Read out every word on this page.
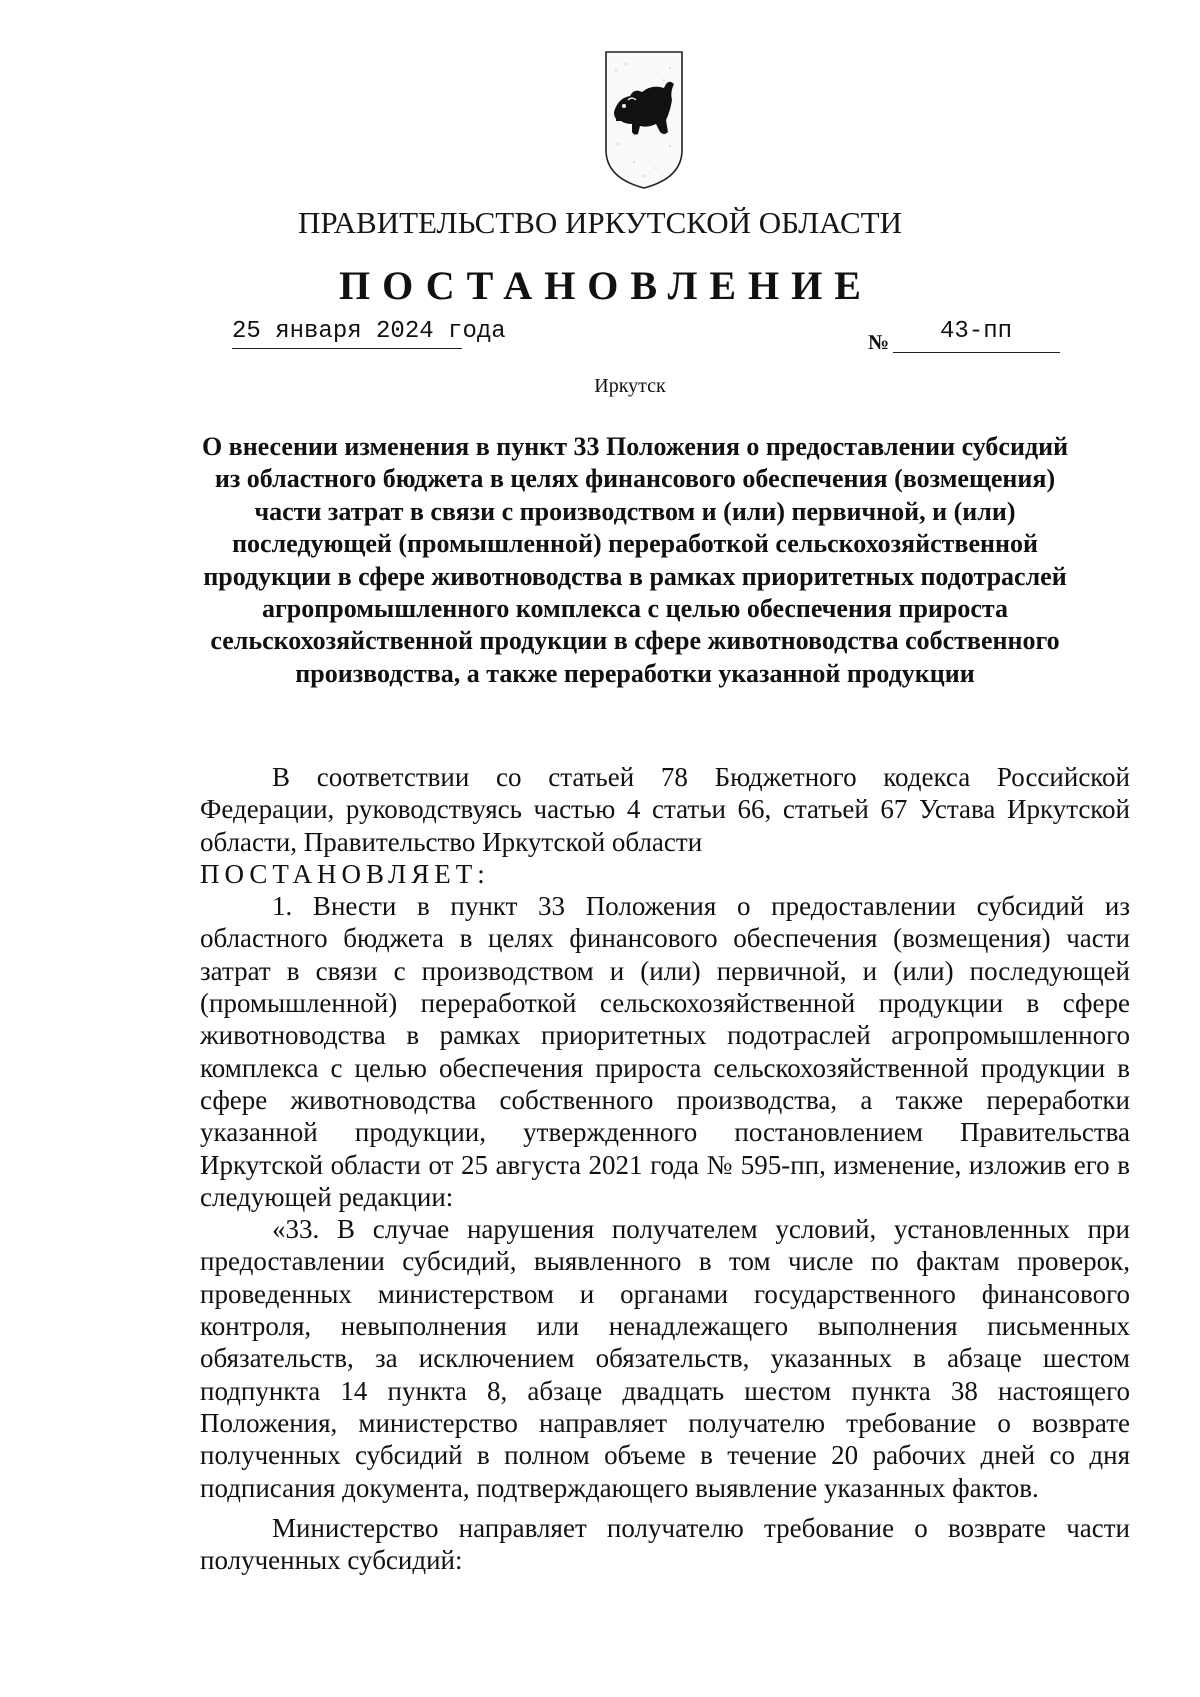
ПРАВИТЕЛЬСТВО ИРКУТСКОЙ ОБЛАСТИ
ПОСТАНОВЛЕНИЕ
25 января 2024 года	№ 43-пп
Иркутск
О внесении изменения в пункт 33 Положения о предоставлении субсидий из областного бюджета в целях финансового обеспечения (возмещения) части затрат в связи с производством и (или) первичной, и (или) последующей (промышленной) переработкой сельскохозяйственной продукции в сфере животноводства в рамках приоритетных подотраслей агропромышленного комплекса с целью обеспечения прироста сельскохозяйственной продукции в сфере животноводства собственного производства, а также переработки указанной продукции

В соответствии со статьей 78 Бюджетного кодекса Российской Федерации, руководствуясь частью 4 статьи 66, статьей 67 Устава Иркутской области, Правительство Иркутской области

ПОСТАНОВЛЯЕТ:

1. Внести в пункт 33 Положения о предоставлении субсидий из областного бюджета в целях финансового обеспечения (возмещения) части затрат в связи с производством и (или) первичной, и (или) последующей (промышленной) переработкой сельскохозяйственной продукции в сфере животноводства в рамках приоритетных подотраслей агропромышленного комплекса с целью обеспечения прироста сельскохозяйственной продукции в сфере животноводства собственного производства, а также переработки указанной продукции, утвержденного постановлением Правительства Иркутской области от 25 августа 2021 года № 595-пп, изменение, изложив его в следующей редакции:

«33. В случае нарушения получателем условий, установленных при предоставлении субсидий, выявленного в том числе по фактам проверок, проведенных министерством и органами государственного финансового контроля, невыполнения или ненадлежащего выполнения письменных обязательств, за исключением обязательств, указанных в абзаце шестом подпункта 14 пункта 8, абзаце двадцать шестом пункта 38 настоящего Положения, министерство направляет получателю требование о возврате полученных субсидий в полном объеме в течение 20 рабочих дней со дня подписания документа, подтверждающего выявление указанных фактов.

Министерство направляет получателю требование о возврате части полученных субсидий:
